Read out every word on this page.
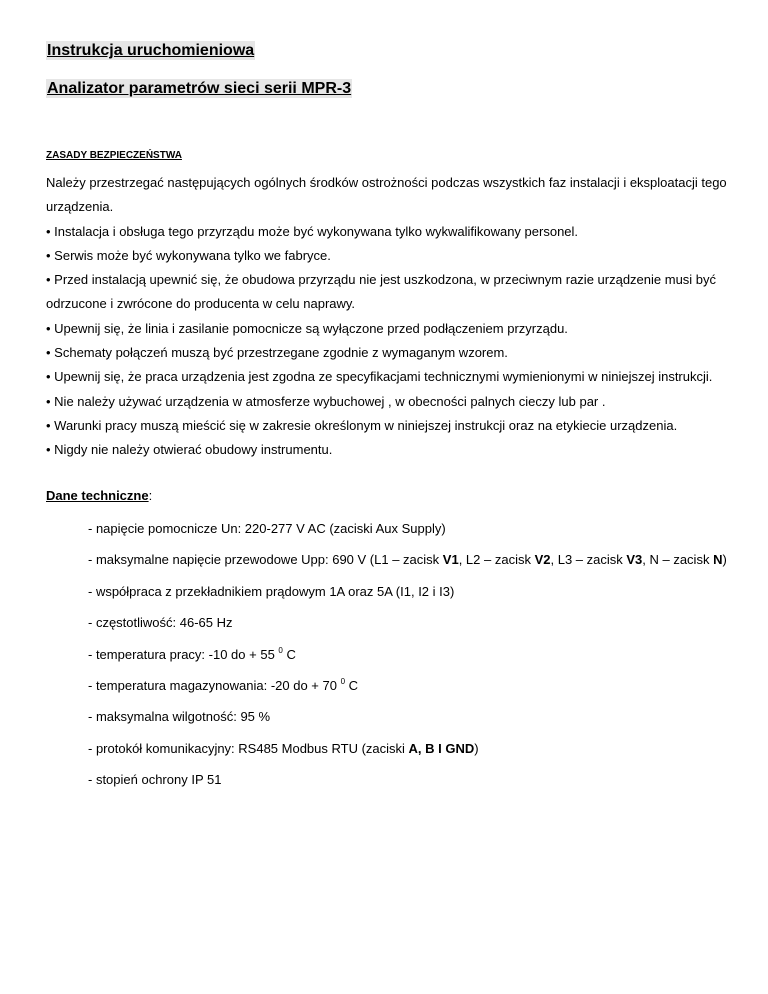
Instrukcja uruchomieniowa
Analizator parametrów sieci serii MPR-3
ZASADY BEZPIECZEŃSTWA

Należy przestrzegać następujących ogólnych środków ostrożności podczas wszystkich faz instalacji i eksploatacji tego urządzenia.

• Instalacja i obsługa tego przyrządu może być wykonywana tylko wykwalifikowany personel.

• Serwis może być wykonywana tylko we fabryce.

• Przed instalacją upewnić się, że obudowa przyrządu nie jest uszkodzona, w przeciwnym razie urządzenie musi być odrzucone i zwrócone do producenta w celu naprawy.

• Upewnij się, że linia i zasilanie pomocnicze są wyłączone przed podłączeniem przyrządu.

• Schematy połączeń muszą być przestrzegane zgodnie z wymaganym wzorem.

• Upewnij się, że praca urządzenia jest zgodna ze specyfikacjami technicznymi wymienionymi w niniejszej instrukcji.

• Nie należy używać urządzenia w atmosferze wybuchowej , w obecności palnych cieczy lub par .

• Warunki pracy muszą mieścić się w zakresie określonym w niniejszej instrukcji oraz na etykiecie urządzenia.

• Nigdy nie należy otwierać obudowy instrumentu.

Dane techniczne:
- napięcie pomocnicze Un: 220-277 V AC (zaciski Aux Supply)
- maksymalne napięcie przewodowe Upp: 690 V (L1 – zacisk V1, L2 – zacisk V2, L3 – zacisk V3, N – zacisk N)
- współpraca z przekładnikiem prądowym 1A oraz 5A (I1, I2 i I3)
- częstotliwość: 46-65 Hz
- temperatura pracy: -10 do + 55 $^0$ C
- temperatura magazynowania: -20 do + 70 $^0$ C
- maksymalna wilgotność: 95 %
- protokół komunikacyjny: RS485 Modbus RTU (zaciski A, B I GND)
- stopień ochrony IP 51
